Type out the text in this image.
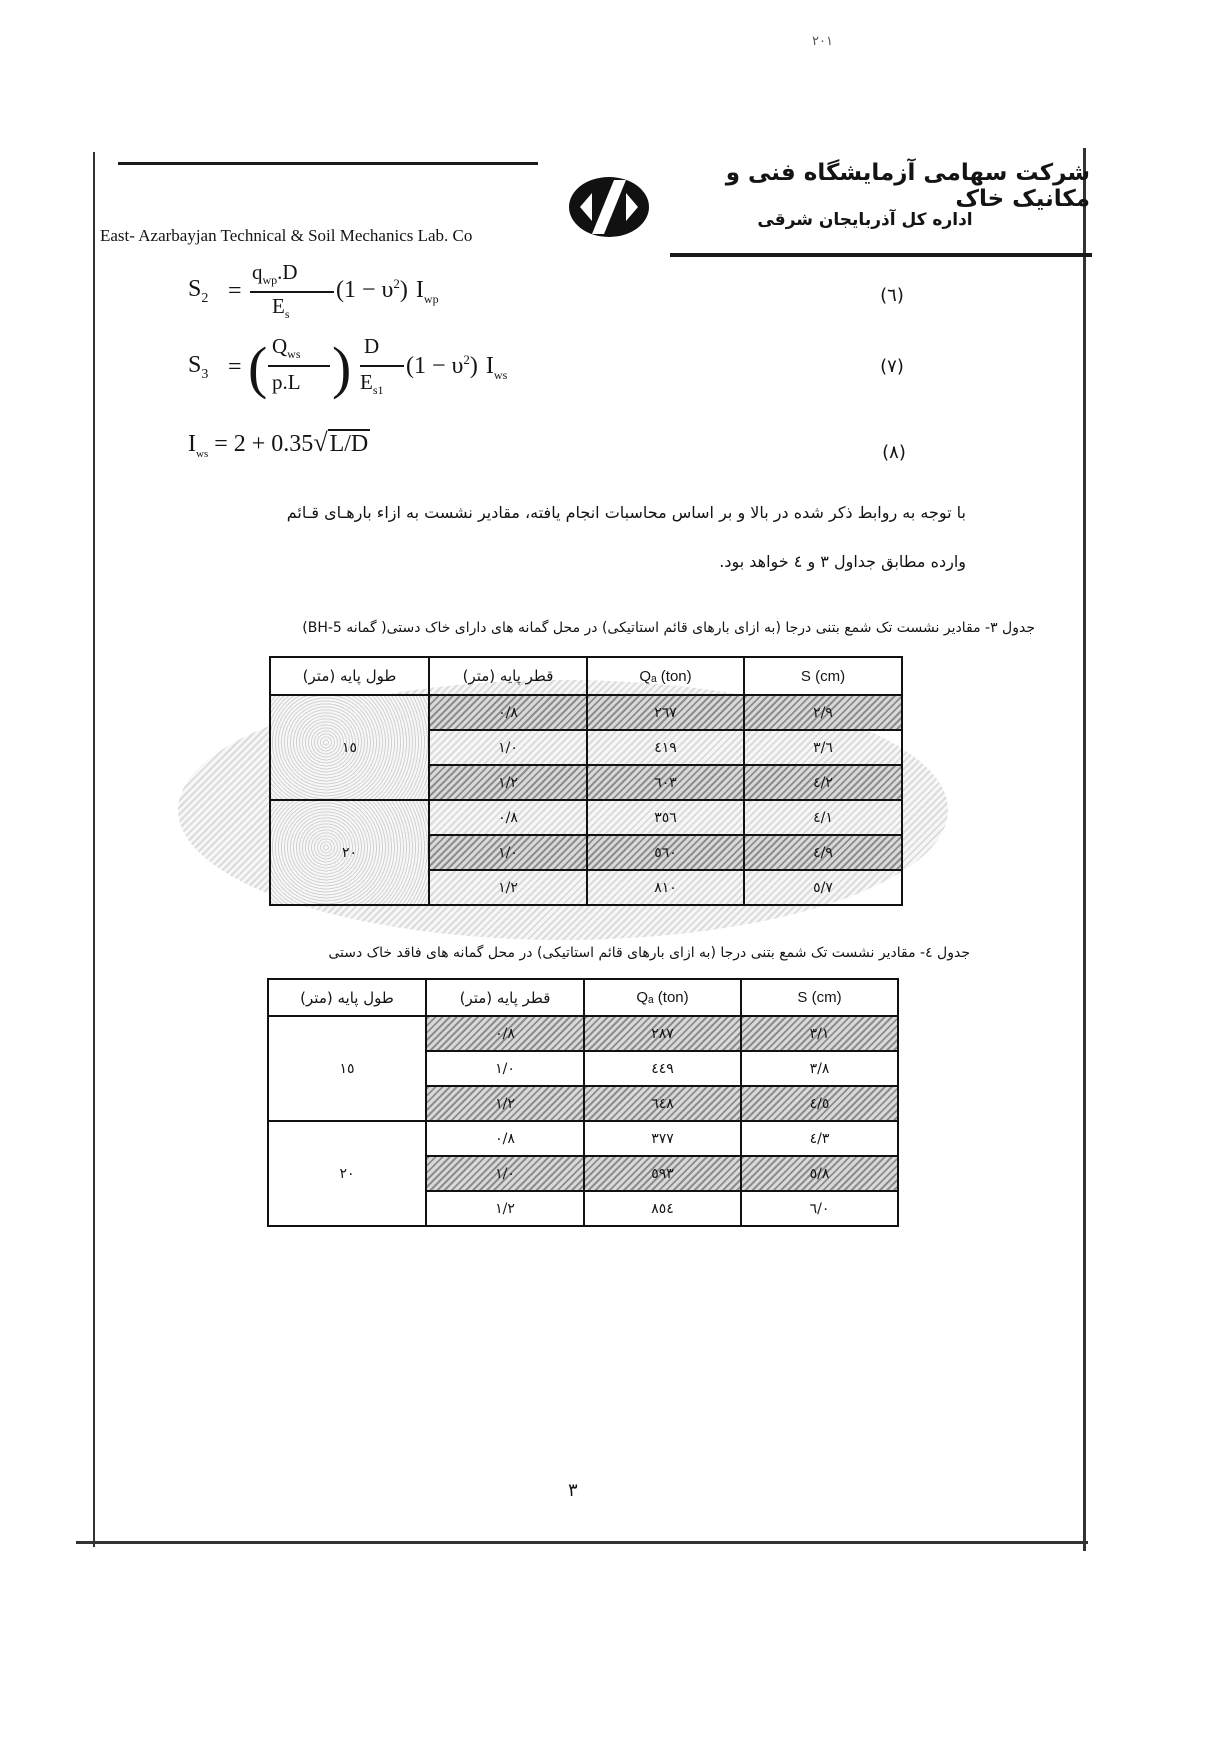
٢٠١
شرکت سهامی آزمایشگاه فنی و مکانیک خاک
اداره کل آذربایجان شرقی
East- Azarbayjan Technical & Soil Mechanics Lab. Co
$S_2$ =
$q_{wp}.D$
$E_s$
$(1 - \upsilon^2)$ $I_{wp}$	(٦)
$S_3$ = ( $Q_{ws}$
p.L ) D
$E_{s1}$
$(1 - \upsilon^2)$ $I_{ws}$	(٧)
$I_{ws} = 2 + 0.35√L/D$	(٨)
با توجه به روابط ذکر شده در بالا و بر اساس محاسبات انجام یافته، مقادیر نشست به ازاء بارهـای قـائم
وارده مطابق جداول ٣ و ٤ خواهد بود.
جدول ٣- مقادیر نشست تک شمع بتنی درجا (به ازای بارهای قائم استاتیکی) در محل گمانه های دارای خاک دستی( گمانه BH-5)
طول پایه (متر)	قطر پایه (متر)	Qₐ (ton)	S (cm)
١٥	٠/٨	٢٦٧	٢/٩
	١/٠	٤١٩	٣/٦
	١/٢	٦٠٣	٤/٢
٢٠	٠/٨	٣٥٦	٤/١
	١/٠	٥٦٠	٤/٩
	١/٢	٨١٠	٥/٧
جدول ٤- مقادیر نشست تک شمع بتنی درجا (به ازای بارهای قائم استاتیکی) در محل گمانه های فاقد خاک دستی
طول پایه (متر)	قطر پایه (متر)	Qₐ (ton)	S (cm)
١٥	٠/٨	٢٨٧	٣/١
	١/٠	٤٤٩	٣/٨
	١/٢	٦٤٨	٤/٥
٢٠	٠/٨	٣٧٧	٤/٣
	١/٠	٥٩٣	٥/٨
	١/٢	٨٥٤	٦/٠
٣
